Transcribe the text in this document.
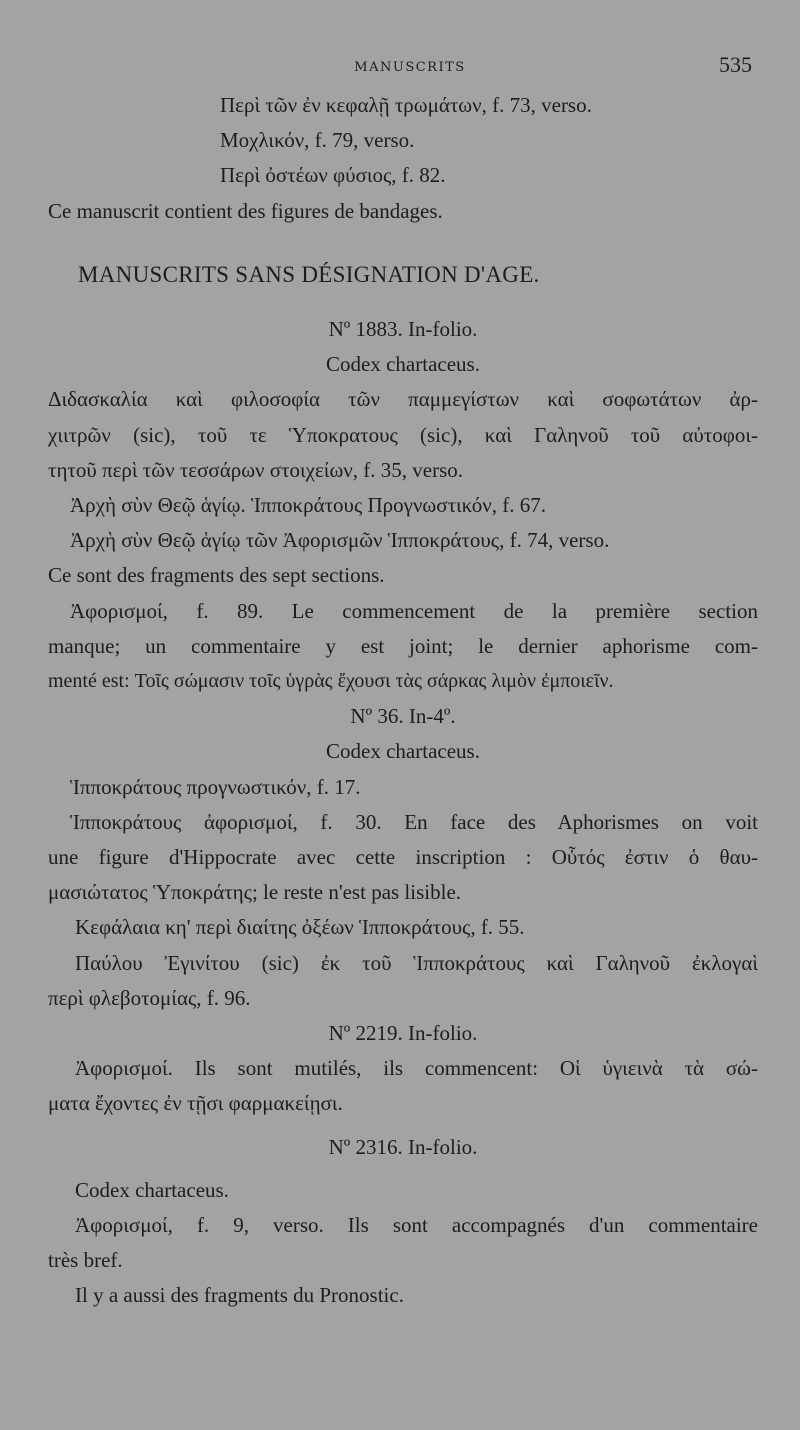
MANUSCRITS	535
Περὶ τῶν ἐν κεφαλῇ τρωμάτων, f. 73, verso.
Μοχλικόν, f. 79, verso.
Περὶ ὀστέων φύσιος, f. 82.
Ce manuscrit contient des figures de bandages.
MANUSCRITS SANS DÉSIGNATION D'AGE.
Nº 1883. In-folio.
Codex chartaceus.
Διδασκαλία καὶ φιλοσοφία τῶν παμμεγίστων καὶ σοφωτάτων ἀρ-
χιιτρῶν (sic), τοῦ τε Ὑποκρατους (sic), καὶ Γαληνοῦ τοῦ αὐτοφοι-
τητοῦ περὶ τῶν τεσσάρων στοιχείων, f. 35, verso.
Ἀρχὴ σὺν Θεῷ ἁγίῳ. Ἱπποκράτους Προγνωστικόν, f. 67.
Ἀρχὴ σὺν Θεῷ ἁγίῳ τῶν Ἀφορισμῶν Ἱπποκράτους, f. 74, verso.
Ce sont des fragments des sept sections.
Ἀφορισμοί, f. 89. Le commencement de la première section
manque; un commentaire y est joint; le dernier aphorisme com-
menté est: Τοῖς σώμασιν τοῖς ὑγρὰς ἔχουσι τὰς σάρκας λιμὸν ἐμποιεῖν.
Nº 36. In-4º.
Codex chartaceus.
Ἱπποκράτους προγνωστικόν, f. 17.
Ἱπποκράτους ἀφορισμοί, f. 30. En face des Aphorismes on voit
une figure d'Hippocrate avec cette inscription : Οὗτός ἐστιν ὁ θαυ-
μασιώτατος Ὑποκράτης; le reste n'est pas lisible.
Κεφάλαια κη' περὶ διαίτης ὀξέων Ἱπποκράτους, f. 55.
Παύλου Ἐγινίτου (sic) ἐκ τοῦ Ἱπποκράτους καὶ Γαληνοῦ ἐκλογαὶ
περὶ φλεβοτομίας, f. 96.
Nº 2219. In-folio.
Ἀφορισμοί. Ils sont mutilés, ils commencent: Οἱ ὑγιεινὰ τὰ σώ-
ματα ἔχοντες ἐν τῇσι φαρμακείῃσι.
Nº 2316. In-folio.
Codex chartaceus.
Ἀφορισμοί, f. 9, verso. Ils sont accompagnés d'un commentaire
très bref.
Il y a aussi des fragments du Pronostic.
